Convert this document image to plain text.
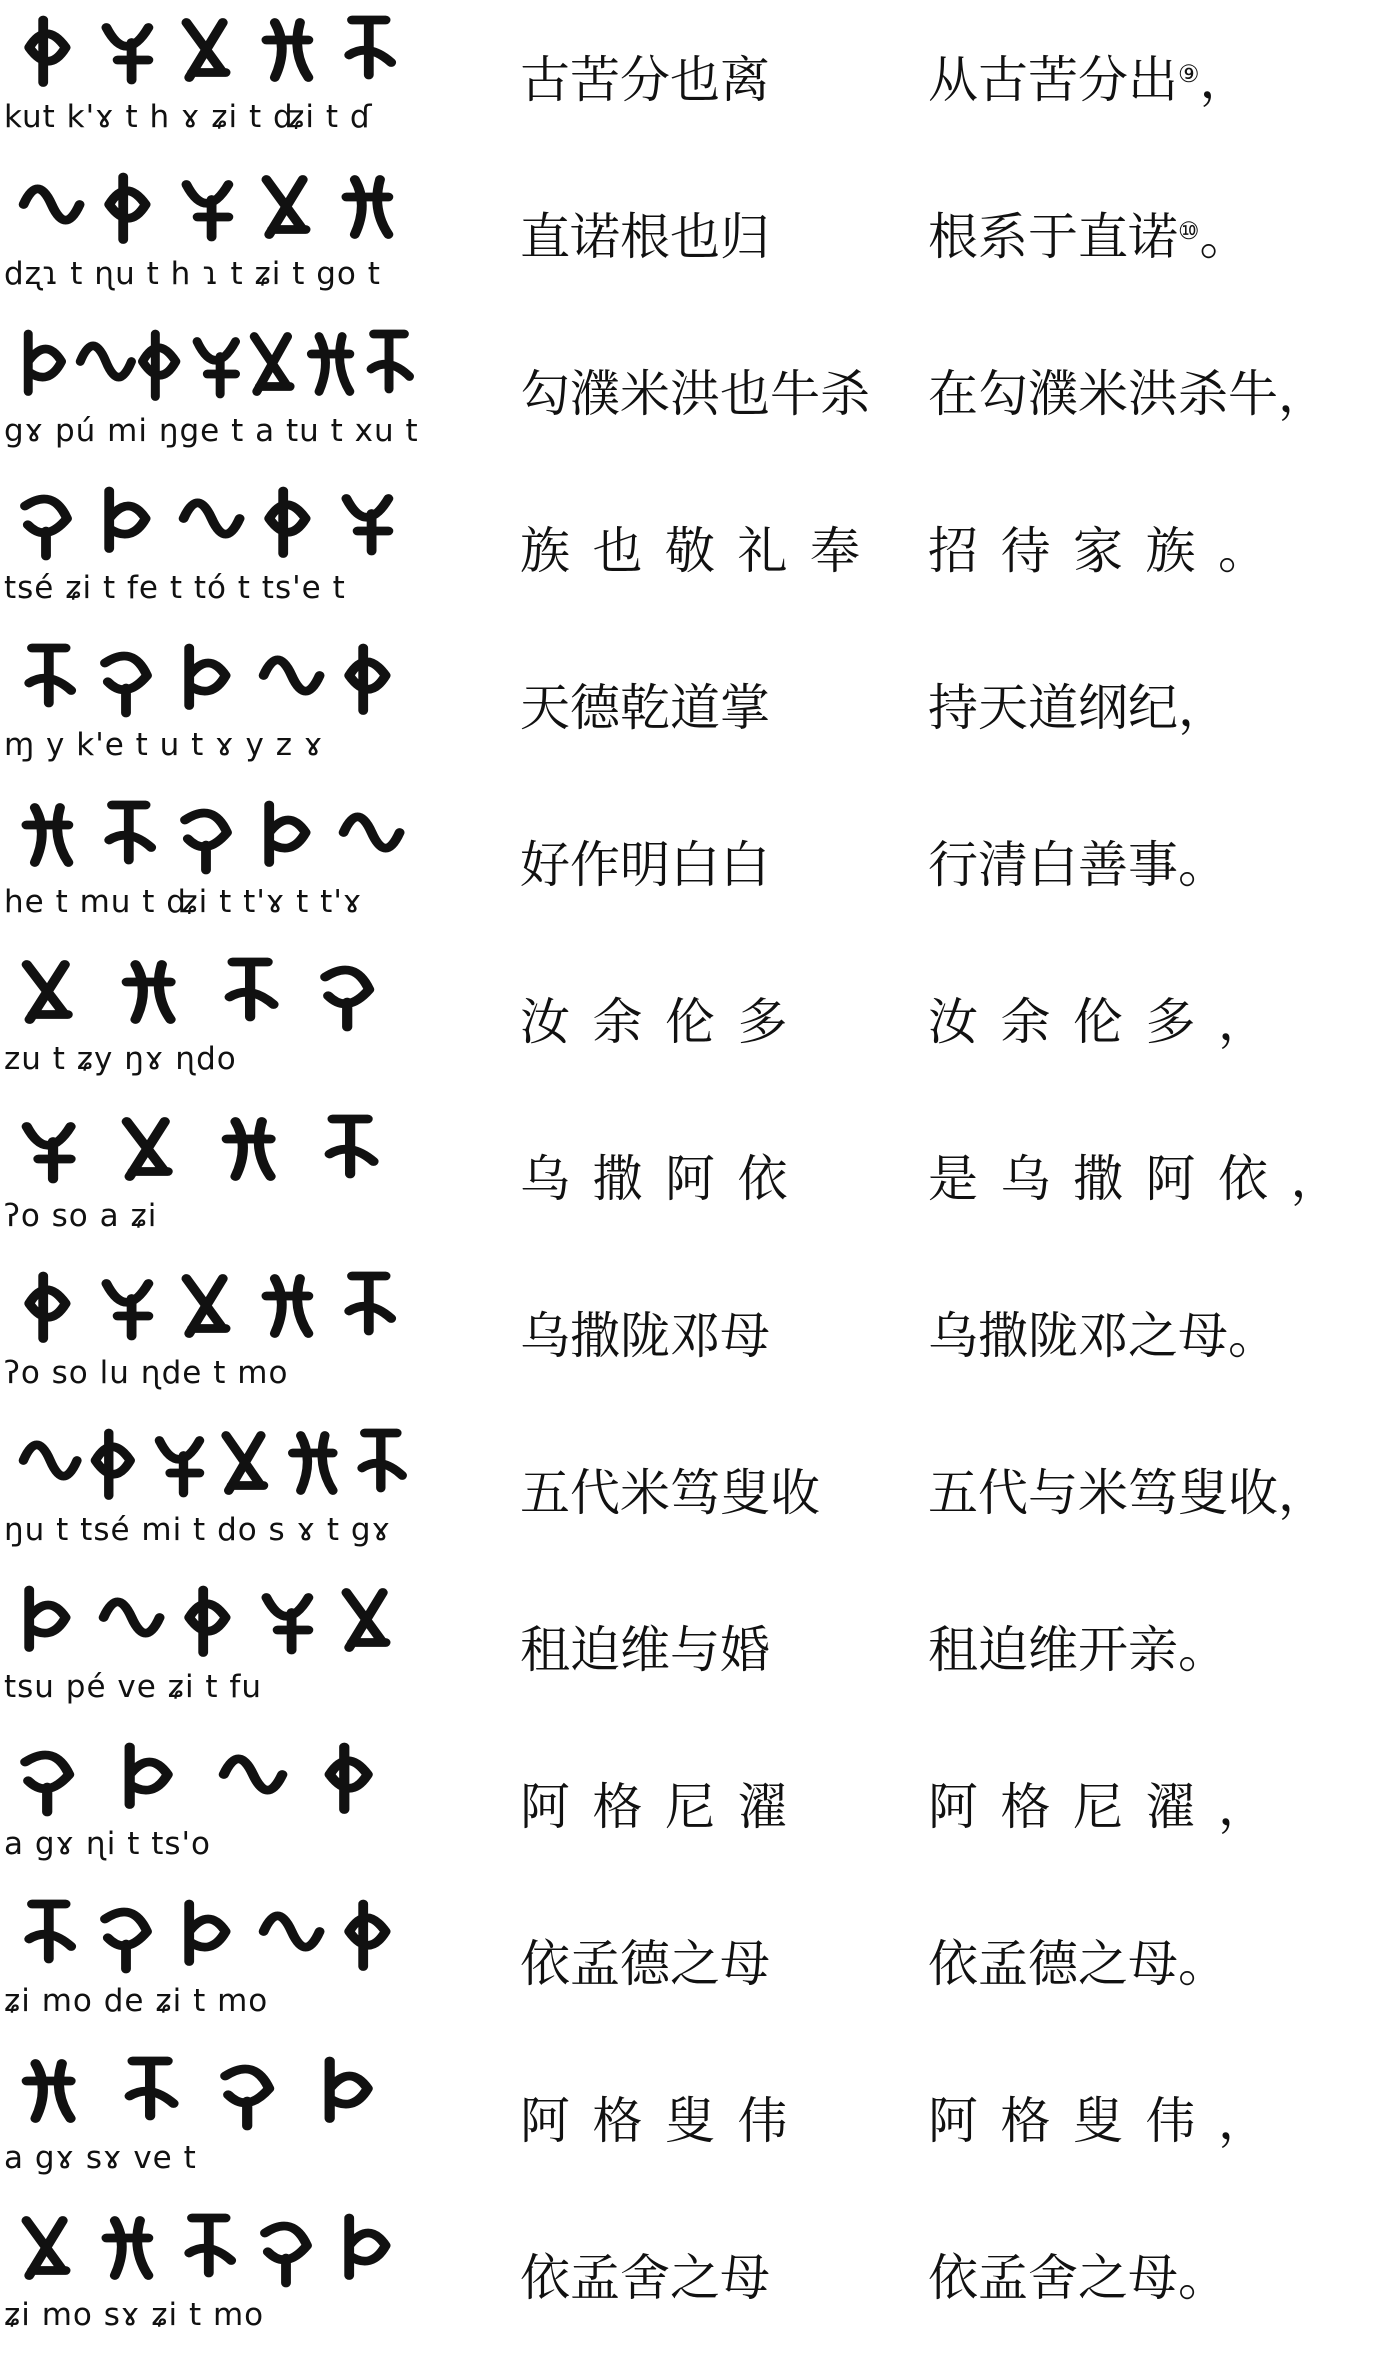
kut k'ɤ t h ɤ ʑi t ʥi t ɗ
古苦分也离	从古苦分出⑨，
dʐɿ t ɳu t h ɿ t ʑi t go t
直诺根也归	根系于直诺⑩。
gɤ pú mi ŋge t a tu t xu t
勾濮米洪也牛杀	在勾濮米洪杀牛，
tsé ʑi t fe t tó t ts'e t
族也敬礼奉 招待家族。
ɱ y k'e t u t ɤ y z ɤ
天德乾道掌	持天道纲纪，
he t mu t ʥi t t'ɤ t t'ɤ
好作明白白	行清白善事。
zu t ʑy ŋɤ ɳdo
汝余伦多	汝余伦多，
ʔo so a ʑi
乌撒阿依	是乌撒阿依，
ʔo so lu ɳde t mo
乌撒陇邓母	乌撒陇邓之母。
ŋu t tsé mi t do s ɤ t gɤ
五代米笃叟收	五代与米笃叟收，
tsu pé ve ʑi t fu
租迫维与婚	租迫维开亲。
a gɤ ɳi t ts'o
阿格尼濯	阿格尼濯，
ʑi mo de ʑi t mo
依孟德之母	依孟德之母。
a gɤ sɤ ve t
阿格叟伟	阿格叟伟，
ʑi mo sɤ ʑi t mo
依孟舍之母	依孟舍之母。
